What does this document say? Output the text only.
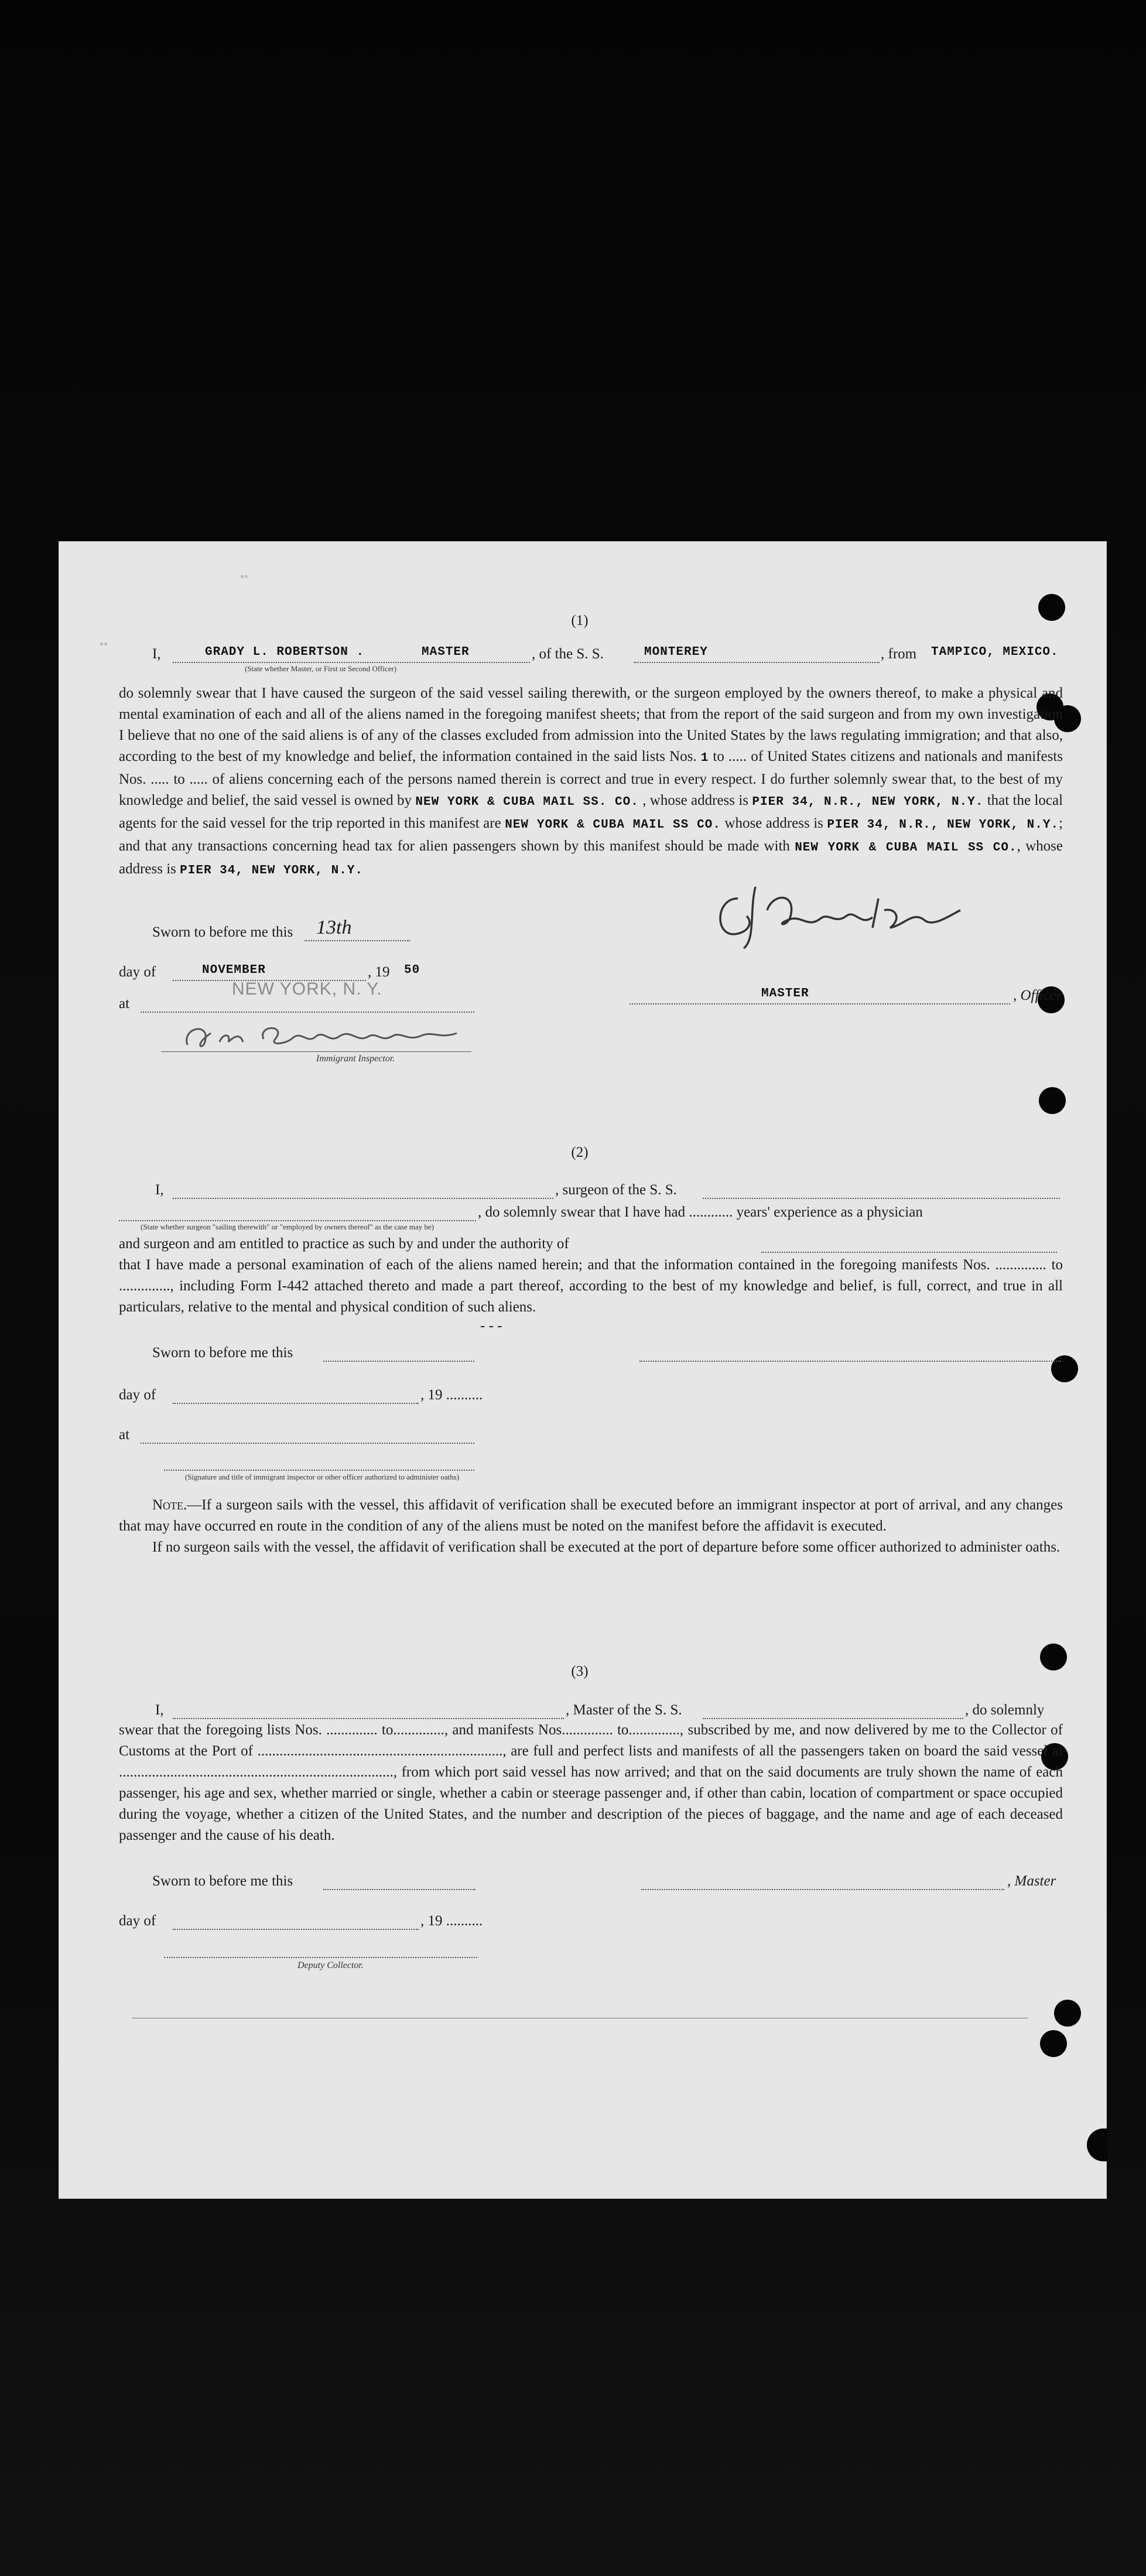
••
••
(1)
I,	GRADY L. ROBERTSON .	MASTER
(State whether Master, or First or Second Officer)
, of the S. S.	MONTEREY	, from TAMPICO, MEXICO.

do solemnly swear that I have caused the surgeon of the said vessel sailing therewith, or the surgeon employed by the owners thereof, to make a physical and mental examination of each and all of the aliens named in the foregoing manifest sheets; that from the report of the said surgeon and from my own investigation I believe that no one of the said aliens is of any of the classes excluded from admission into the United States by the laws regulating immigration; and that also, according to the best of my knowledge and belief, the information contained in the said lists Nos. 1 to ..... of United States citizens and nationals and manifests Nos. ..... to ..... of aliens concerning each of the persons named therein is correct and true in every respect. I do further solemnly swear that, to the best of my knowledge and belief, the said vessel is owned by NEW YORK & CUBA MAIL SS. CO. , whose address is PIER 34, N.R., NEW YORK, N.Y. that the local agents for the said vessel for the trip reported in this manifest are NEW YORK & CUBA MAIL SS CO. whose address is PIER 34, N.R., NEW YORK, N.Y.; and that any transactions concerning head tax for alien passengers shown by this manifest should be made with NEW YORK & CUBA MAIL SS CO., whose address is PIER 34, NEW YORK, N.Y.

Sworn to before me this 13th
day of	NOVEMBER	, 19 50
NEW YORK, N. Y.
at
Immigrant Inspector.
MASTER	, Officer
(2)
I,	, surgeon of the S. S.
, do solemnly swear that I have had ............ years' experience as a physician
(State whether surgeon "sailing therewith" or "employed by owners thereof" as the case may be)
and surgeon and am entitled to practice as such by and under the authority of
that I have made a personal examination of each of the aliens named herein; and that the information contained in the foregoing manifests Nos. .............. to .............., including Form I-442 attached thereto and made a part thereof, according to the best of my knowledge and belief, is full, correct, and true in all particulars, relative to the mental and physical condition of such aliens.
- - -
Sworn to before me this
day of	, 19 ..........
at
(Signature and title of immigrant inspector or other officer authorized to administer oaths)

Note.—If a surgeon sails with the vessel, this affidavit of verification shall be executed before an immigrant inspector at port of arrival, and any changes that may have occurred en route in the condition of any of the aliens must be noted on the manifest before the affidavit is executed.

If no surgeon sails with the vessel, the affidavit of verification shall be executed at the port of departure before some officer authorized to administer oaths.

(3)
I,	, Master of the S. S.	, do solemnly
swear that the foregoing lists Nos. .............. to.............., and manifests Nos.............. to.............., subscribed by me, and now delivered by me to the Collector of Customs at the Port of ..................................................................., are full and perfect lists and manifests of all the passengers taken on board the said vessel at ..........................................................................., from which port said vessel has now arrived; and that on the said documents are truly shown the name of each passenger, his age and sex, whether married or single, whether a cabin or steerage passenger and, if other than cabin, location of compartment or space occupied during the voyage, whether a citizen of the United States, and the number and description of the pieces of baggage, and the name and age of each deceased passenger and the cause of his death.
Sworn to before me this	, Master
day of	, 19 ..........
Deputy Collector.
